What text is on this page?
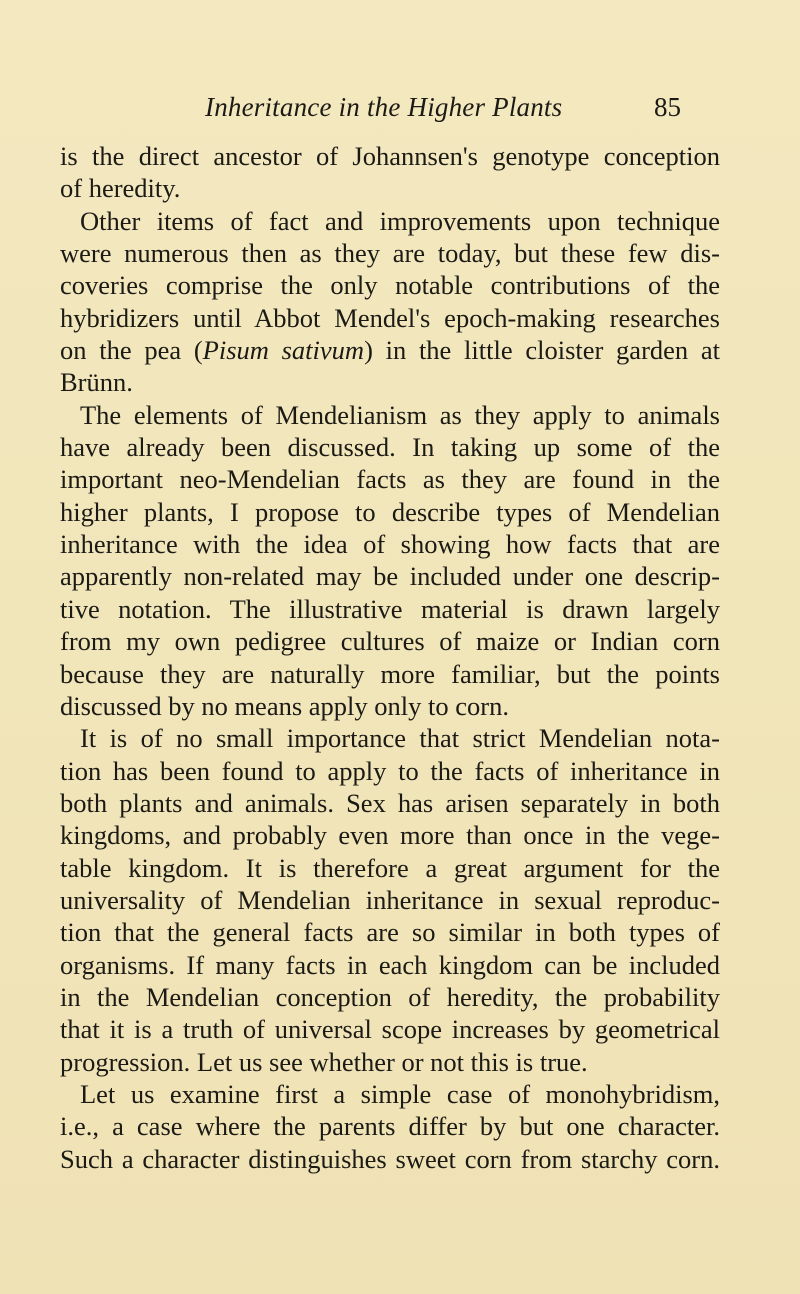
Inheritance in the Higher Plants	85
is the direct ancestor of Johannsen's genotype conception
of heredity.
Other items of fact and improvements upon technique
were numerous then as they are today, but these few dis-
coveries comprise the only notable contributions of the
hybridizers until Abbot Mendel's epoch-making researches
on the pea (Pisum sativum) in the little cloister garden at
Brünn.
The elements of Mendelianism as they apply to animals
have already been discussed. In taking up some of the
important neo-Mendelian facts as they are found in the
higher plants, I propose to describe types of Mendelian
inheritance with the idea of showing how facts that are
apparently non-related may be included under one descrip-
tive notation. The illustrative material is drawn largely
from my own pedigree cultures of maize or Indian corn
because they are naturally more familiar, but the points
discussed by no means apply only to corn.
It is of no small importance that strict Mendelian nota-
tion has been found to apply to the facts of inheritance in
both plants and animals. Sex has arisen separately in both
kingdoms, and probably even more than once in the vege-
table kingdom. It is therefore a great argument for the
universality of Mendelian inheritance in sexual reproduc-
tion that the general facts are so similar in both types of
organisms. If many facts in each kingdom can be included
in the Mendelian conception of heredity, the probability
that it is a truth of universal scope increases by geometrical
progression. Let us see whether or not this is true.
Let us examine first a simple case of monohybridism,
i.e., a case where the parents differ by but one character.
Such a character distinguishes sweet corn from starchy corn.
